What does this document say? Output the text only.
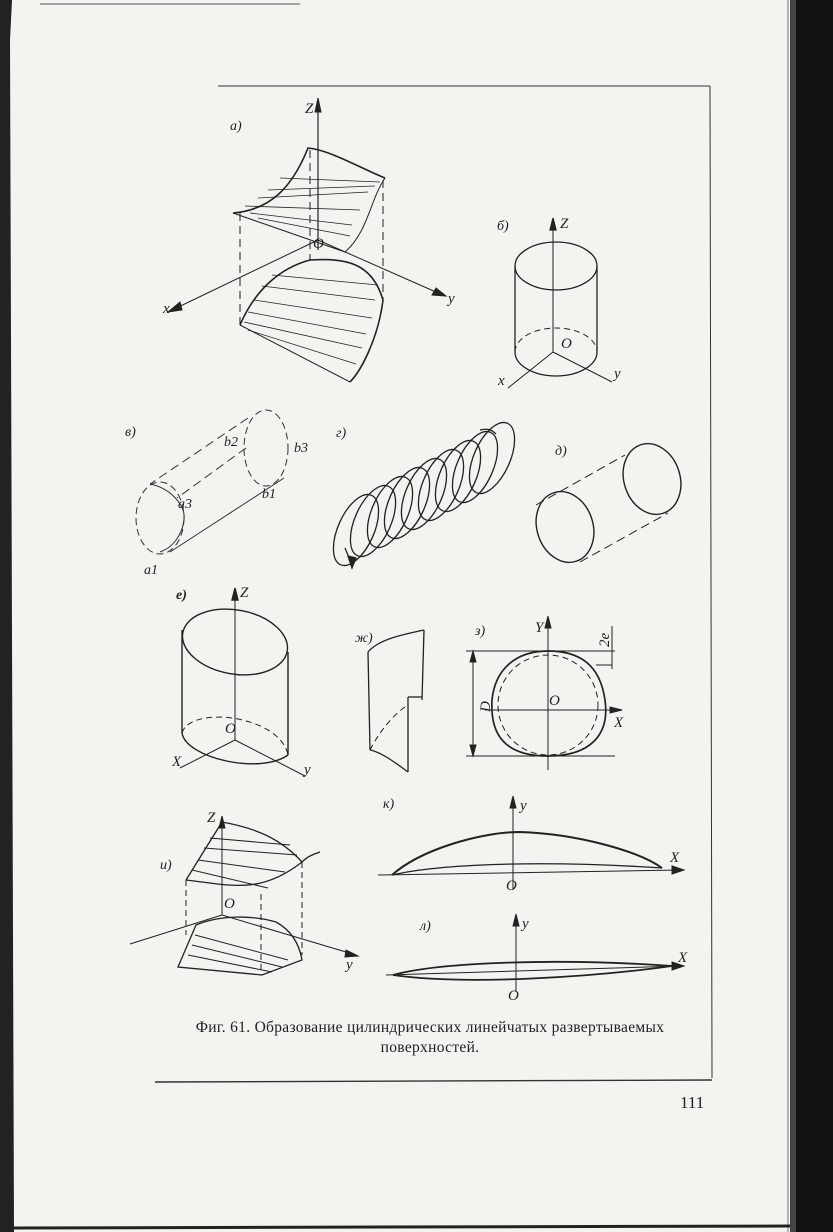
а)
Z
O
x
y
б)	Z
O
x	y
в)
b2	b3
b1
a3
a1
г)
д)
е)	Z
O
X	y
ж)	з)	Y
O
X
D
2e
и)
Z
O
y
к)	y
O
X
л)	y
O
X
Фиг. 61. Образование цилиндрических линейчатых развертываемых
поверхностей.
111
